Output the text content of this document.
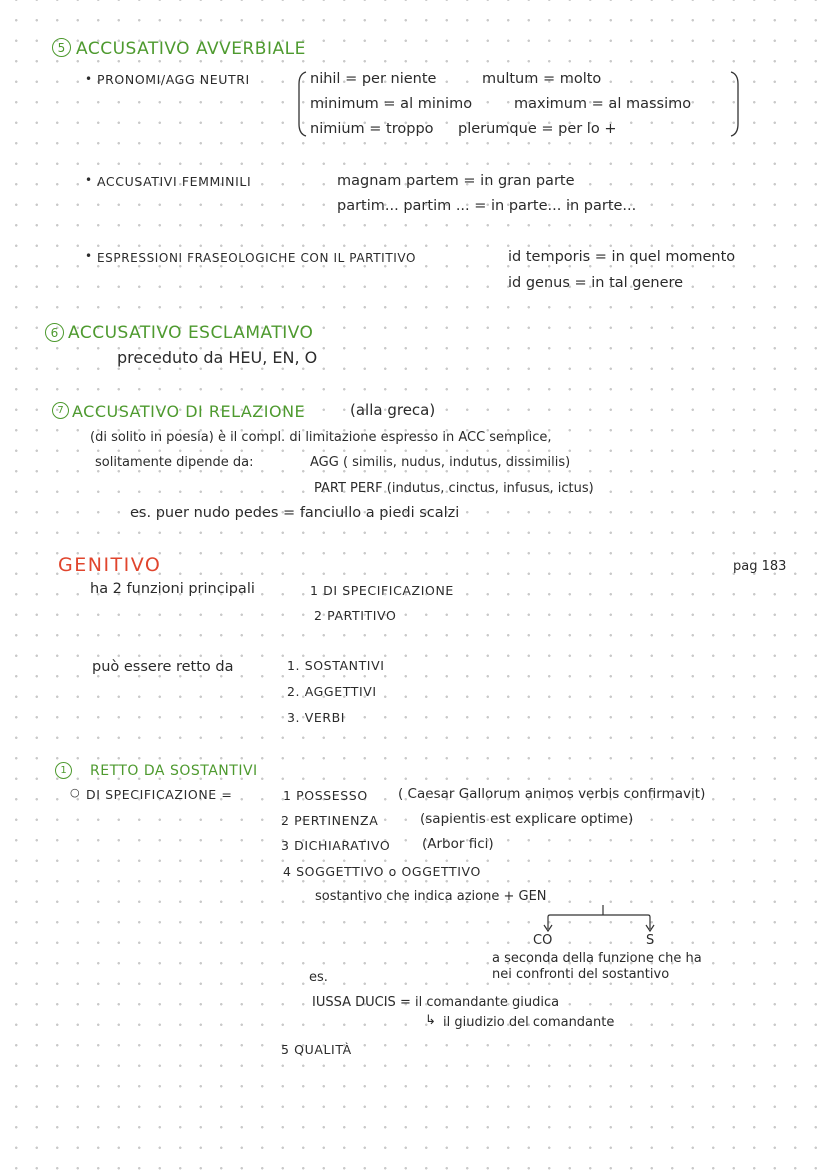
5 ACCUSATIVO AVVERBIALE
• PRONOMI/AGG NEUTRI	nihil = per niente	multum = molto
minimum = al minimo	maximum = al massimo
nimium = troppo plerumque = per lo +
• ACCUSATIVI FEMMINILI	magnam partem = in gran parte
partim... partim ... = in parte... in parte...
• ESPRESSIONI FRASEOLOGICHE CON IL PARTITIVO	id temporis = in quel momento
id genus = in tal genere
6 ACCUSATIVO ESCLAMATIVO
preceduto da HEU, EN, O
7 ACCUSATIVO DI RELAZIONE	(alla greca)
(di solito in poesia) è il compl. di limitazione espresso in ACC semplice,
solitamente dipende da:	AGG ( similis, nudus, indutus, dissimilis)
PART PERF (indutus, cinctus, infusus, ictus)
es. puer nudo pedes = fanciullo a piedi scalzi
GENITIVO	pag 183
ha 2 funzioni principali	1 DI SPECIFICAZIONE
2 PARTITIVO
può essere retto da	1. SOSTANTIVI
2. AGGETTIVI
3. VERBI
1 RETTO DA SOSTANTIVI
○ DI SPECIFICAZIONE =	1 POSSESSO ( Caesar Gallorum animos verbis confirmavit)
2 PERTINENZA	(sapientis est explicare optime)
3 DICHIARATIVO (Arbor fici)
4 SOGGETTIVO o OGGETTIVO
sostantivo che indica azione + GEN
CO	S
a seconda della funzione che ha
nei confronti del sostantivo
es.
IUSSA DUCIS = il comandante giudica
↳ il giudizio del comandante
5 QUALITÀ
